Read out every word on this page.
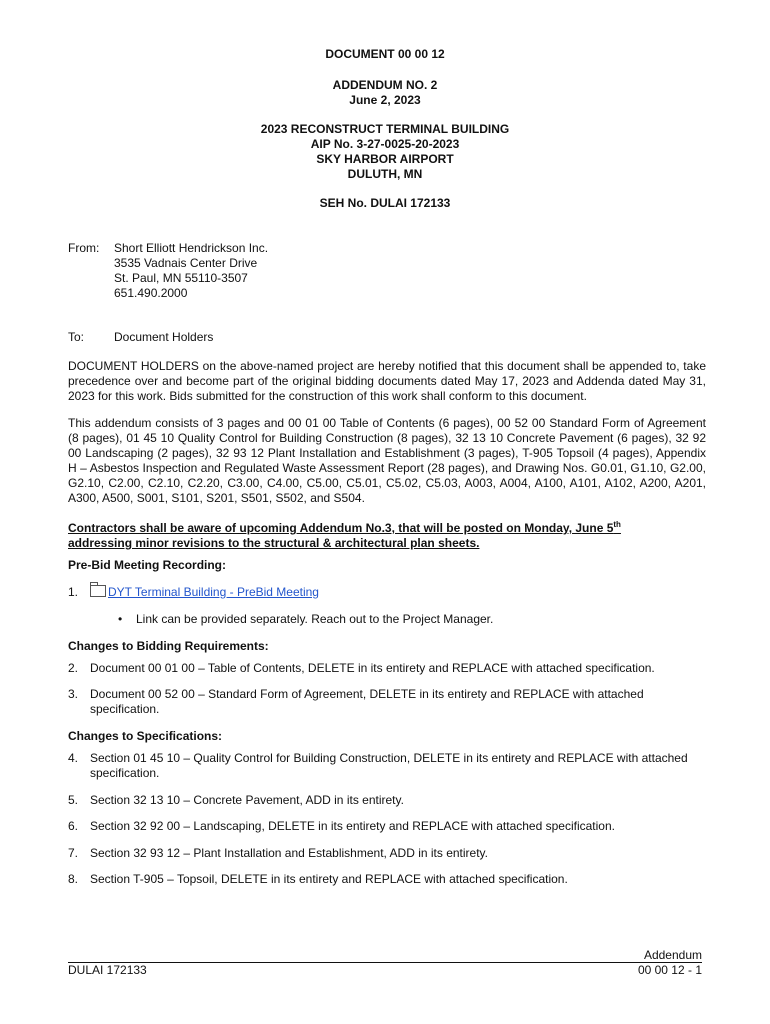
DOCUMENT 00 00 12
ADDENDUM NO. 2
June 2, 2023
2023 RECONSTRUCT TERMINAL BUILDING
AIP No. 3-27-0025-20-2023
SKY HARBOR AIRPORT
DULUTH, MN
SEH No. DULAI 172133
From: Short Elliott Hendrickson Inc.
3535 Vadnais Center Drive
St. Paul, MN 55110-3507
651.490.2000
To: Document Holders
DOCUMENT HOLDERS on the above-named project are hereby notified that this document shall be appended to, take precedence over and become part of the original bidding documents dated May 17, 2023 and Addenda dated May 31, 2023 for this work. Bids submitted for the construction of this work shall conform to this document.
This addendum consists of 3 pages and 00 01 00 Table of Contents (6 pages), 00 52 00 Standard Form of Agreement (8 pages), 01 45 10 Quality Control for Building Construction (8 pages), 32 13 10 Concrete Pavement (6 pages), 32 92 00 Landscaping (2 pages), 32 93 12 Plant Installation and Establishment (3 pages), T-905 Topsoil (4 pages), Appendix H – Asbestos Inspection and Regulated Waste Assessment Report (28 pages), and Drawing Nos. G0.01, G1.10, G2.00, G2.10, C2.00, C2.10, C2.20, C3.00, C4.00, C5.00, C5.01, C5.02, C5.03, A003, A004, A100, A101, A102, A200, A201, A300, A500, S001, S101, S201, S501, S502, and S504.
Contractors shall be aware of upcoming Addendum No.3, that will be posted on Monday, June 5th
addressing minor revisions to the structural & architectural plan sheets.
Pre-Bid Meeting Recording:
1.	DYT Terminal Building - PreBid Meeting
• Link can be provided separately. Reach out to the Project Manager.
Changes to Bidding Requirements:
2. Document 00 01 00 – Table of Contents, DELETE in its entirety and REPLACE with attached specification.
3. Document 00 52 00 – Standard Form of Agreement, DELETE in its entirety and REPLACE with attached specification.
Changes to Specifications:
4. Section 01 45 10 – Quality Control for Building Construction, DELETE in its entirety and REPLACE with attached specification.
5. Section 32 13 10 – Concrete Pavement, ADD in its entirety.
6. Section 32 92 00 – Landscaping, DELETE in its entirety and REPLACE with attached specification.
7. Section 32 93 12 – Plant Installation and Establishment, ADD in its entirety.
8. Section T-905 – Topsoil, DELETE in its entirety and REPLACE with attached specification.
Addendum
DULAI 172133	00 00 12 - 1
